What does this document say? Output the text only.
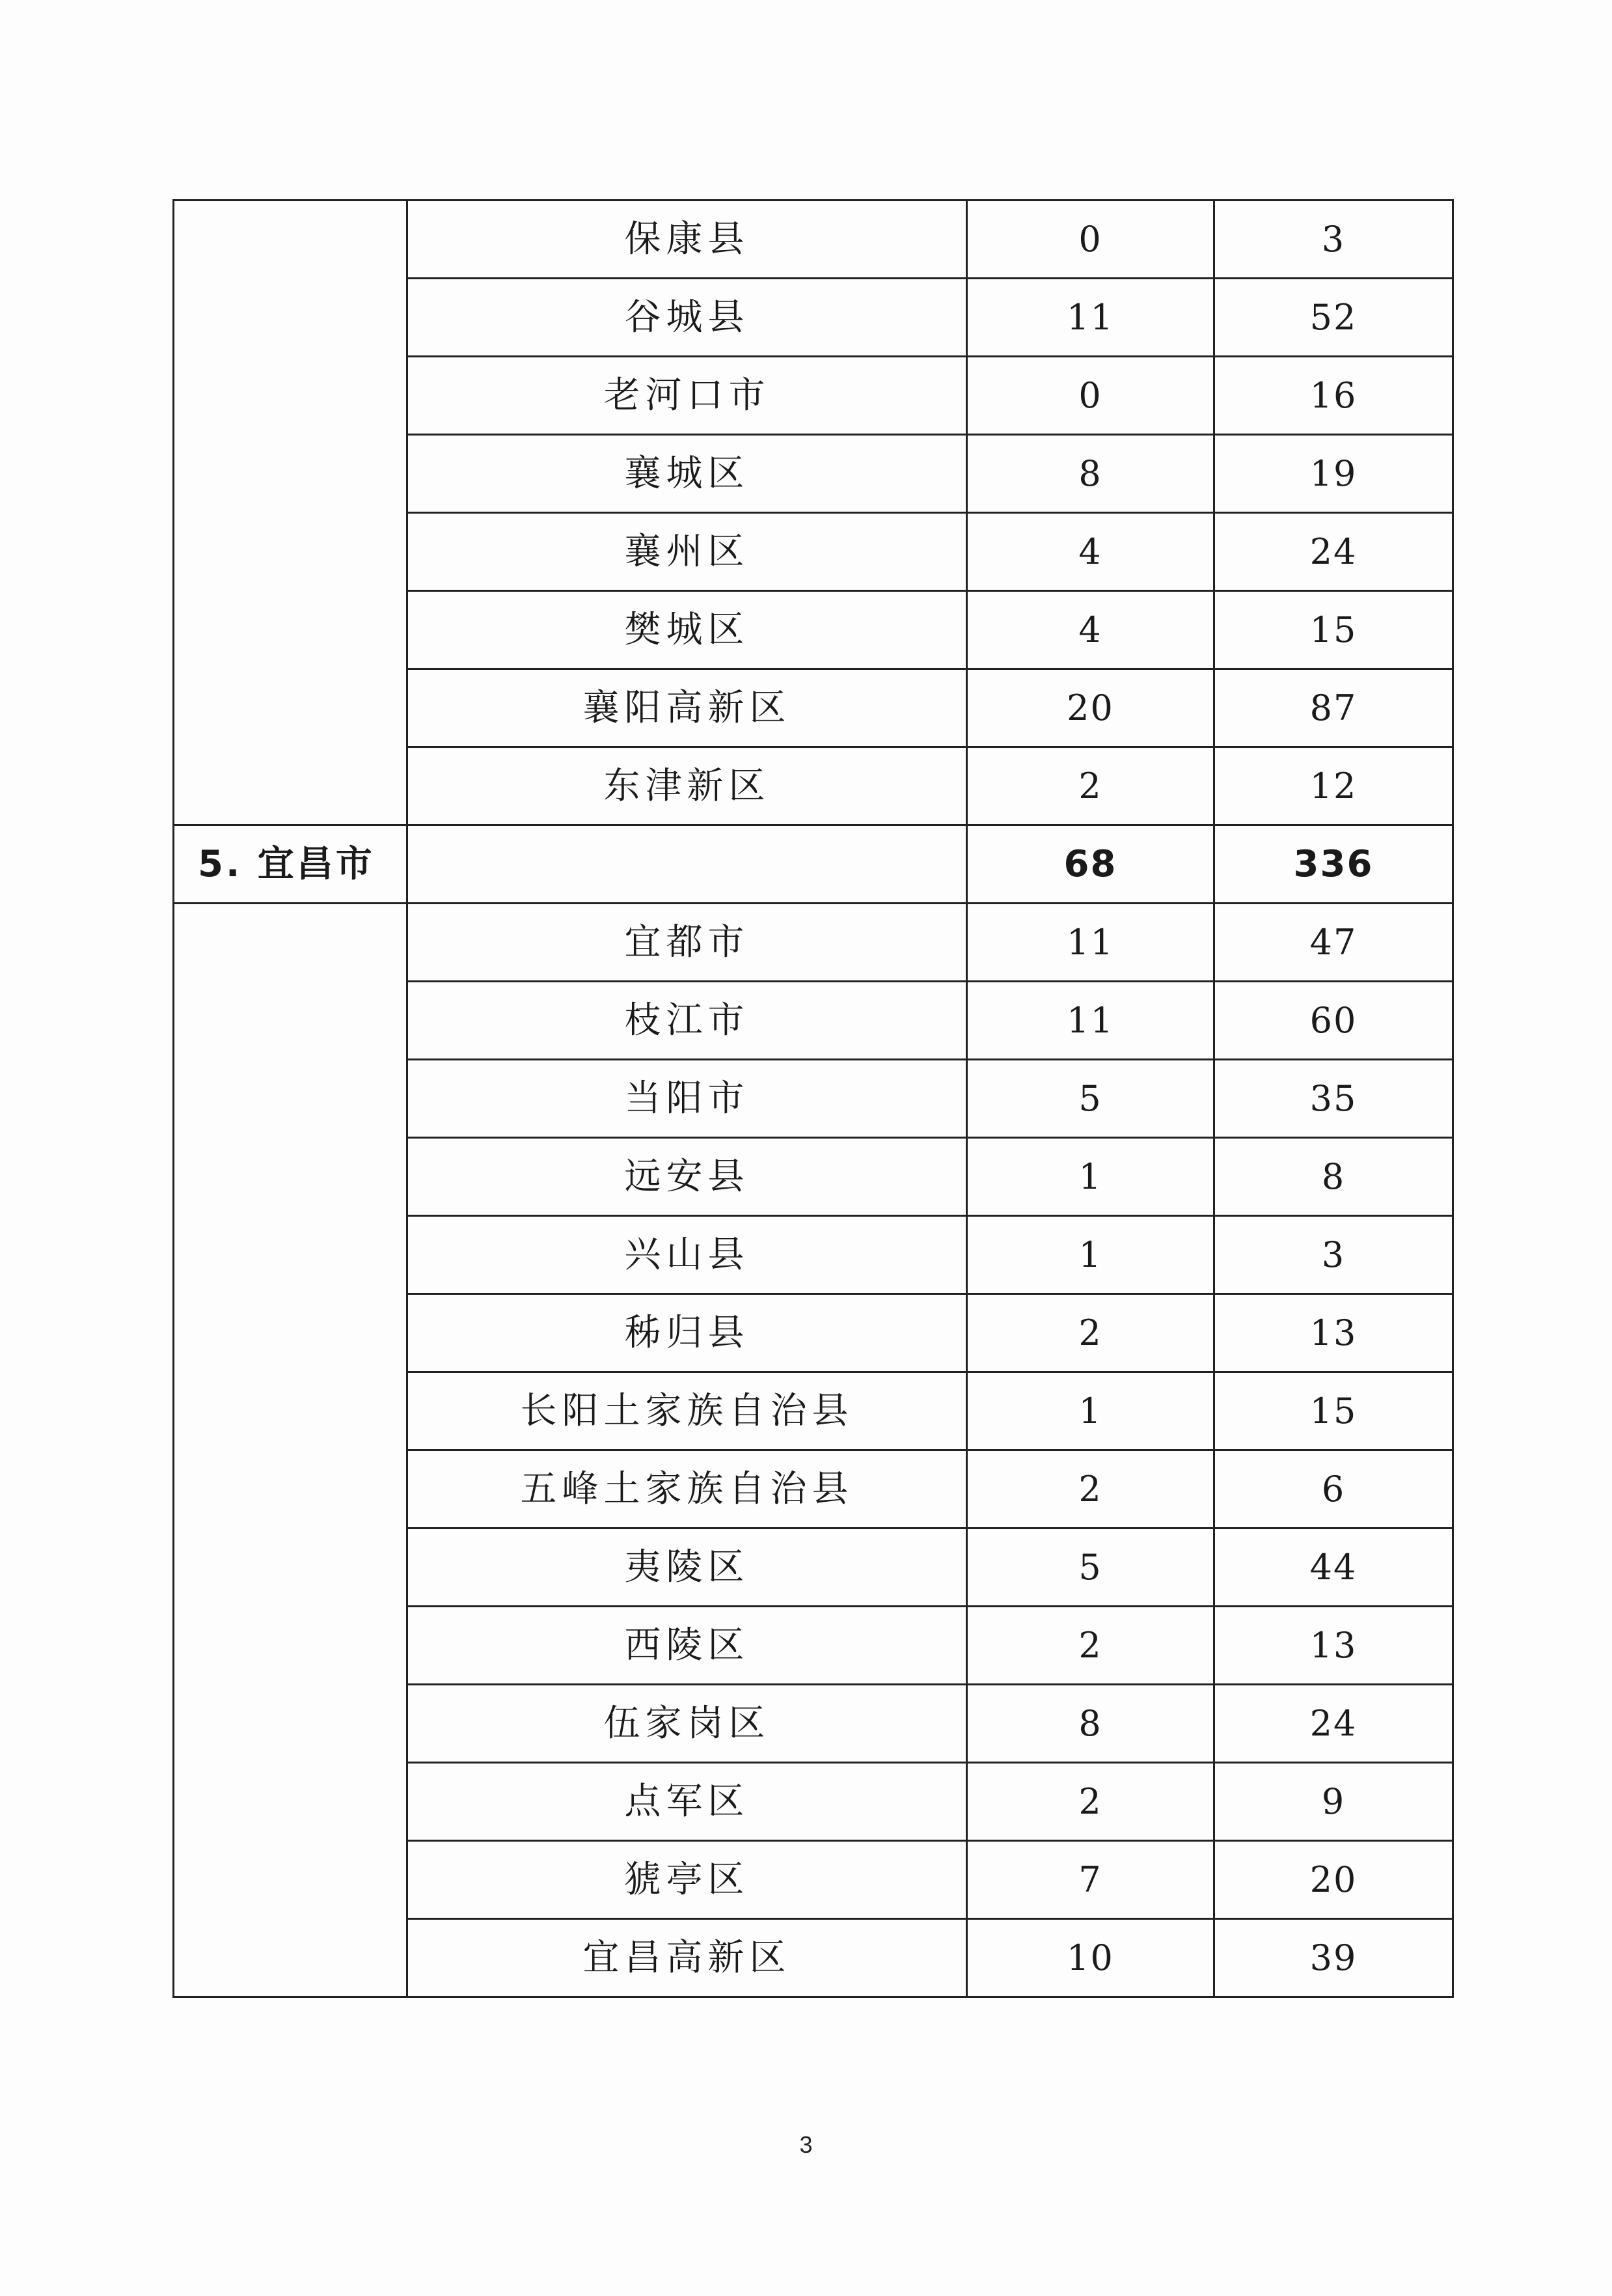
	保康县	0	3
	谷城县	11	52
	老河口市	0	16
	襄城区	8	19
	襄州区	4	24
	樊城区	4	15
	襄阳高新区	20	87
	东津新区	2	12
5. 宜昌市		68	336
	宜都市	11	47
	枝江市	11	60
	当阳市	5	35
	远安县	1	8
	兴山县	1	3
	秭归县	2	13
	长阳土家族自治县	1	15
	五峰土家族自治县	2	6
	夷陵区	5	44
	西陵区	2	13
	伍家岗区	8	24
	点军区	2	9
	猇亭区	7	20
	宜昌高新区	10	39
3
